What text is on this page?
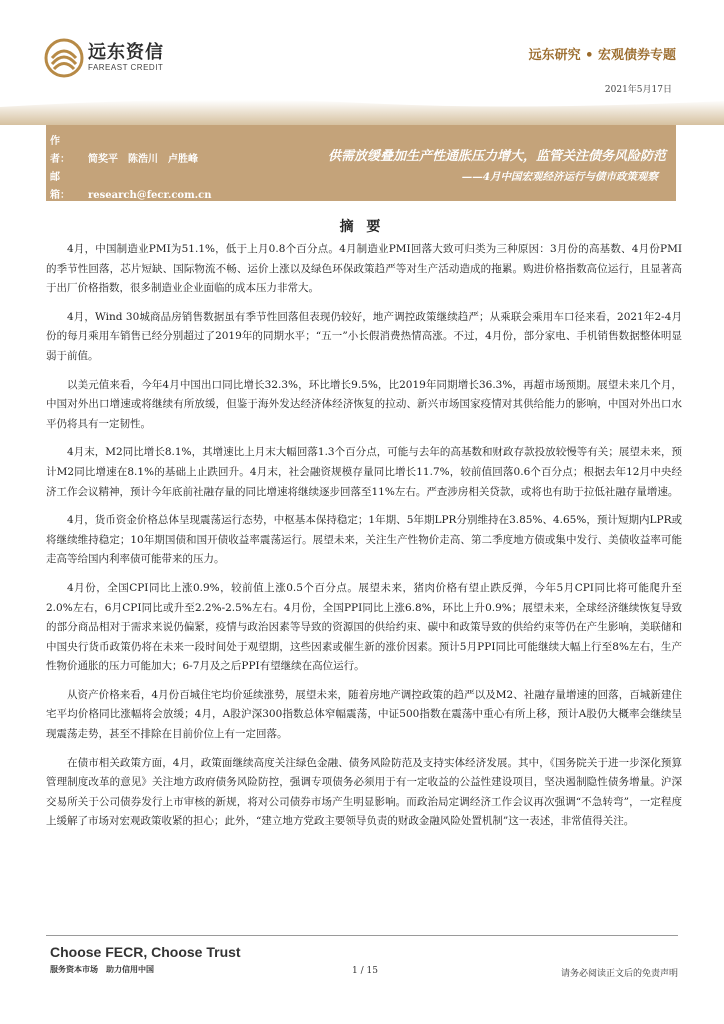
远东资信
FAREAST CREDIT
远东研究 • 宏观债券专题
2021年5月17日
作　者： 简奖平　陈浩川　卢胜峰
邮　箱： research@fecr.com.cn
供需放缓叠加生产性通胀压力增大，监管关注债务风险防范
——4月中国宏观经济运行与债市政策观察
摘 要

4月，中国制造业PMI为51.1%，低于上月0.8个百分点。4月制造业PMI回落大致可归类为三种原因：3月份的高基数、4月份PMI的季节性回落，芯片短缺、国际物流不畅、运价上涨以及绿色环保政策趋严等对生产活动造成的拖累。购进价格指数高位运行，且显著高于出厂价格指数，很多制造业企业面临的成本压力非常大。

4月，Wind 30城商品房销售数据虽有季节性回落但表现仍较好，地产调控政策继续趋严；从乘联会乘用车口径来看，2021年2-4月份的每月乘用车销售已经分别超过了2019年的同期水平；“五一”小长假消费热情高涨。不过，4月份，部分家电、手机销售数据整体明显弱于前值。

以美元值来看，今年4月中国出口同比增长32.3%，环比增长9.5%，比2019年同期增长36.3%，再超市场预期。展望未来几个月，中国对外出口增速或将继续有所放缓，但鉴于海外发达经济体经济恢复的拉动、新兴市场国家疫情对其供给能力的影响，中国对外出口水平仍将具有一定韧性。

4月末，M2同比增长8.1%，其增速比上月末大幅回落1.3个百分点，可能与去年的高基数和财政存款投放较慢等有关；展望未来，预计M2同比增速在8.1%的基础上止跌回升。4月末，社会融资规模存量同比增长11.7%，较前值回落0.6个百分点；根据去年12月中央经济工作会议精神，预计今年底前社融存量的同比增速将继续逐步回落至11%左右。严查涉房相关贷款，或将也有助于拉低社融存量增速。

4月，货币资金价格总体呈现震荡运行态势，中枢基本保持稳定；1年期、5年期LPR分别维持在3.85%、4.65%，预计短期内LPR或将继续维持稳定；10年期国债和国开债收益率震荡运行。展望未来，关注生产性物价走高、第二季度地方债或集中发行、美债收益率可能走高等给国内利率债可能带来的压力。

4月份，全国CPI同比上涨0.9%，较前值上涨0.5个百分点。展望未来，猪肉价格有望止跌反弹，今年5月CPI同比将可能爬升至2.0%左右，6月CPI同比或升至2.2%-2.5%左右。4月份，全国PPI同比上涨6.8%，环比上升0.9%；展望未来，全球经济继续恢复导致的部分商品相对于需求来说仍偏紧，疫情与政治因素等导致的资源国的供给约束、碳中和政策导致的供给约束等仍在产生影响，美联储和中国央行货币政策仍将在未来一段时间处于观望期，这些因素或催生新的涨价因素。预计5月PPI同比可能继续大幅上行至8%左右，生产性物价通胀的压力可能加大；6-7月及之后PPI有望继续在高位运行。

从资产价格来看，4月份百城住宅均价延续涨势，展望未来，随着房地产调控政策的趋严以及M2、社融存量增速的回落，百城新建住宅平均价格同比涨幅将会放缓；4月，A股沪深300指数总体窄幅震荡，中证500指数在震荡中重心有所上移，预计A股仍大概率会继续呈现震荡走势，甚至不排除在目前价位上有一定回落。

在债市相关政策方面，4月，政策面继续高度关注绿色金融、债务风险防范及支持实体经济发展。其中，《国务院关于进一步深化预算管理制度改革的意见》关注地方政府债务风险防控，强调专项债务必须用于有一定收益的公益性建设项目，坚决遏制隐性债务增量。沪深交易所关于公司债券发行上市审核的新规，将对公司债券市场产生明显影响。而政治局定调经济工作会议再次强调“不急转弯”，一定程度上缓解了市场对宏观政策收紧的担心；此外，“建立地方党政主要领导负责的财政金融风险处置机制”这一表述，非常值得关注。

Choose FECR, Choose Trust
服务资本市场　助力信用中国	1 / 15	请务必阅读正文后的免责声明
